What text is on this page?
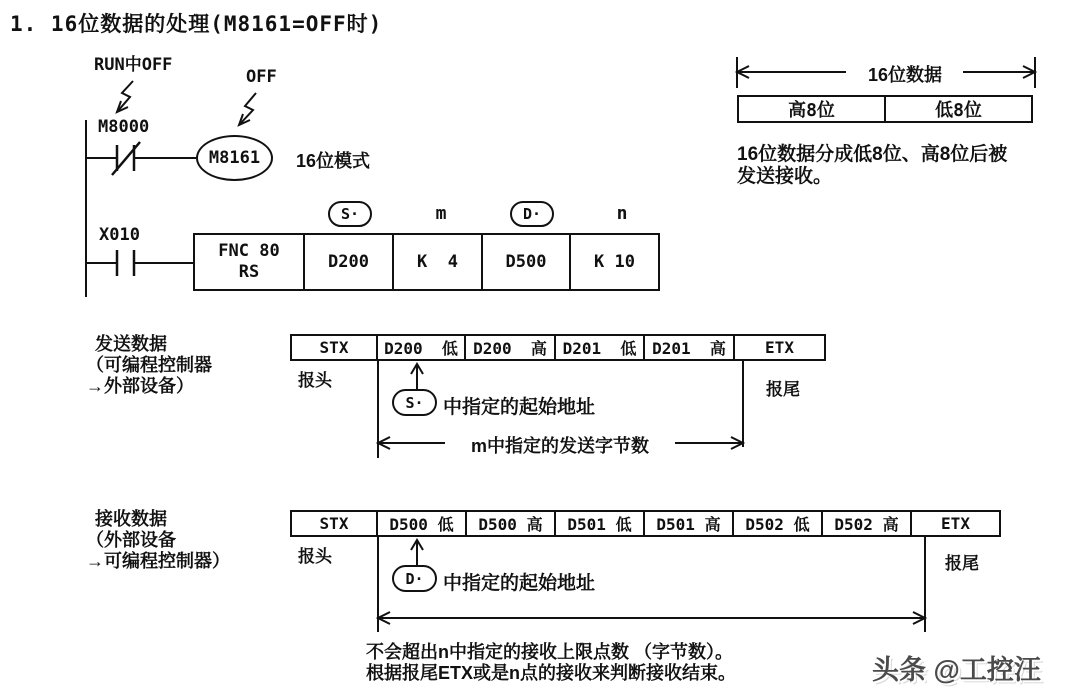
1. 16位数据的处理(M8161=OFF时)
RUN中OFF
OFF
M8000
M8161	16位模式
X010
S·	m	D·	n
FNC 80
RS
D200	K  4	D500	K 10
16位数据
高8位	低8位
16位数据分成低8位、高8位后被
发送接收。
发送数据
（可编程控制器
→外部设备）
STX	D200  低 D200  高 D201  低 D201  高	ETX
报头	报尾
S·	中指定的起始地址
m中指定的发送字节数
接收数据
（外部设备
→可编程控制器）
STX	D500 低	D500 高	D501 低	D501 高	D502 低	D502 高	ETX
报头	报尾
D·	中指定的起始地址
不会超出n中指定的接收上限点数 （字节数）。
根据报尾ETX或是n点的接收来判断接收结束。	头条 @工控汪
